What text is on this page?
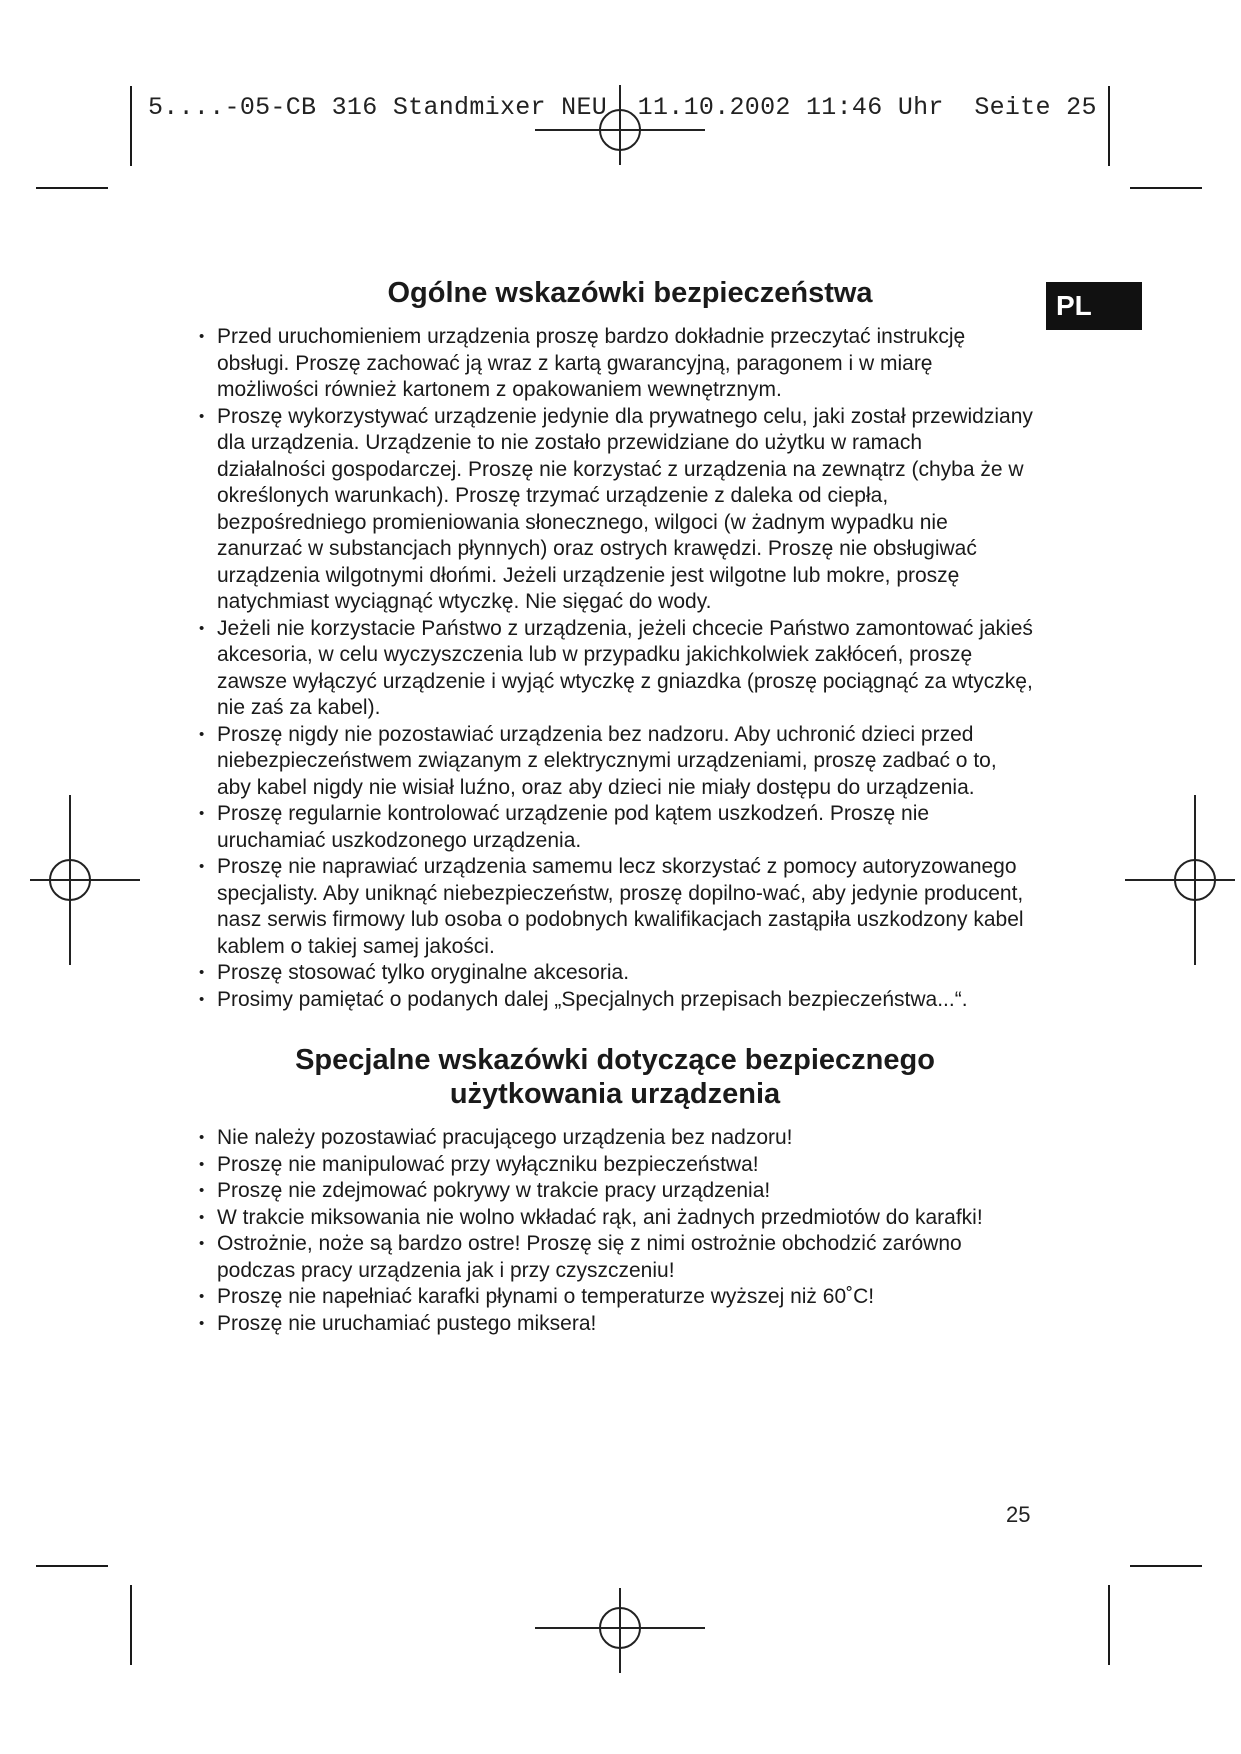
5....-05-CB 316 Standmixer NEU  11.10.2002 11:46 Uhr  Seite 25
PL
Ogólne wskazówki bezpieczeństwa
• Przed uruchomieniem urządzenia proszę bardzo dokładnie przeczytać instrukcję obsługi. Proszę zachować ją wraz z kartą gwarancyjną, paragonem i w miarę możliwości również kartonem z opakowaniem wewnętrznym.
• Proszę wykorzystywać urządzenie jedynie dla prywatnego celu, jaki został przewidziany dla urządzenia. Urządzenie to nie zostało przewidziane do użytku w ramach działalności gospodarczej. Proszę nie korzystać z urządzenia na zewnątrz (chyba że w określonych warunkach). Proszę trzymać urządzenie z daleka od ciepła, bezpośredniego promieniowania słonecznego, wilgoci (w żadnym wypadku nie zanurzać w substancjach płynnych) oraz ostrych krawędzi. Proszę nie obsługiwać urządzenia wilgotnymi dłońmi. Jeżeli urządzenie jest wilgotne lub mokre, proszę natychmiast wyciągnąć wtyczkę. Nie sięgać do wody.
• Jeżeli nie korzystacie Państwo z urządzenia, jeżeli chcecie Państwo zamontować jakieś akcesoria, w celu wyczyszczenia lub w przypadku jakichkolwiek zakłóceń, proszę zawsze wyłączyć urządzenie i wyjąć wtyczkę z gniazdka (proszę pociągnąć za wtyczkę, nie zaś za kabel).
• Proszę nigdy nie pozostawiać urządzenia bez nadzoru. Aby uchronić dzieci przed niebezpieczeństwem związanym z elektrycznymi urządzeniami, proszę zadbać o to, aby kabel nigdy nie wisiał luźno, oraz aby dzieci nie miały dostępu do urządzenia.
• Proszę regularnie kontrolować urządzenie pod kątem uszkodzeń. Proszę nie uruchamiać uszkodzonego urządzenia.
• Proszę nie naprawiać urządzenia samemu lecz skorzystać z pomocy autoryzowanego specjalisty. Aby uniknąć niebezpieczeństw, proszę dopilno-wać, aby jedynie producent, nasz serwis firmowy lub osoba o podobnych kwalifikacjach zastąpiła uszkodzony kabel kablem o takiej samej jakości.
• Proszę stosować tylko oryginalne akcesoria.
• Prosimy pamiętać o podanych dalej „Specjalnych przepisach bezpieczeństwa...“.
Specjalne wskazówki dotyczące bezpiecznego
użytkowania urządzenia
• Nie należy pozostawiać pracującego urządzenia bez nadzoru!
• Proszę nie manipulować przy wyłączniku bezpieczeństwa!
• Proszę nie zdejmować pokrywy w trakcie pracy urządzenia!
• W trakcie miksowania nie wolno wkładać rąk, ani żadnych przedmiotów do karafki!
• Ostrożnie, noże są bardzo ostre! Proszę się z nimi ostrożnie obchodzić zarówno podczas pracy urządzenia jak i przy czyszczeniu!
• Proszę nie napełniać karafki płynami o temperaturze wyższej niż 60˚C!
• Proszę nie uruchamiać pustego miksera!
25
